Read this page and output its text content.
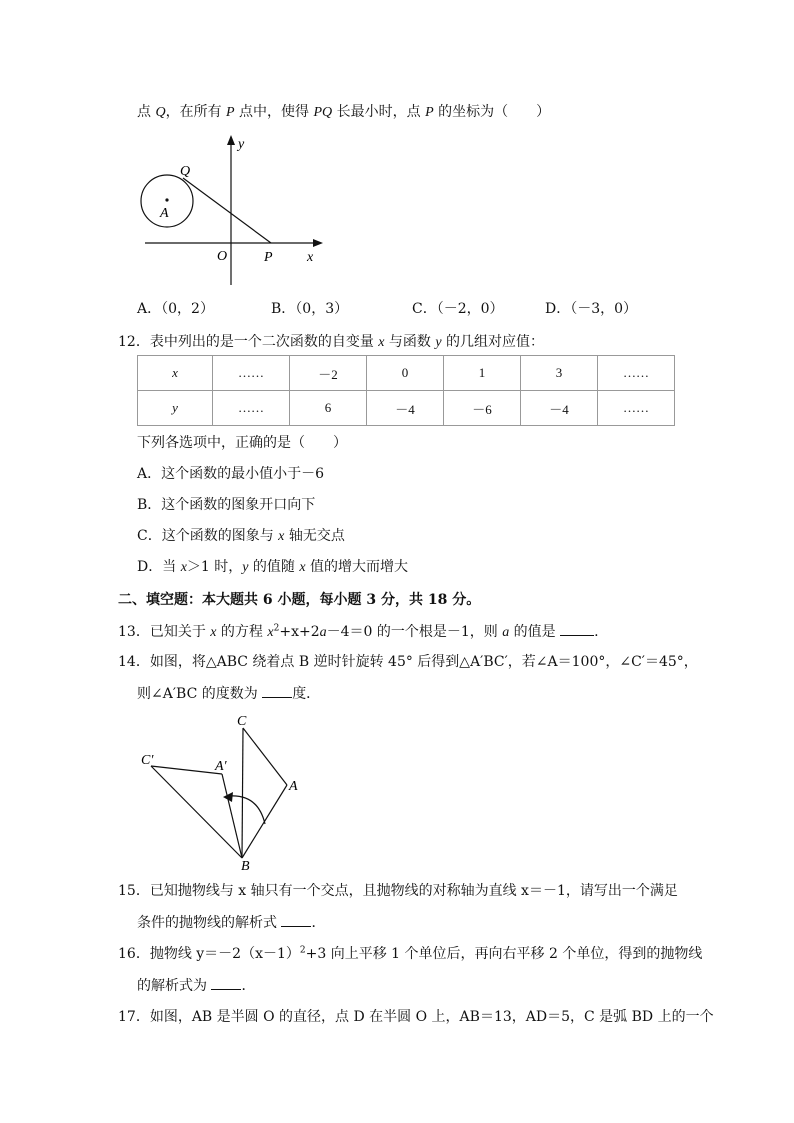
点 Q，在所有 P 点中，使得 PQ 长最小时，点 P 的坐标为（　　）
y
Q
A
O	P x
A．（0，2）	B．（0，3）	C．（－2，0）	D．（－3，0）
12．表中列出的是一个二次函数的自变量 x 与函数 y 的几组对应值：
x	……	－2	0	1	3	……
y	……	6	－4	－6	－4	……
下列各选项中，正确的是（　　）
A．这个函数的最小值小于－6
B．这个函数的图象开口向下
C．这个函数的图象与 x 轴无交点
D．当 x＞1 时，y 的值随 x 值的增大而增大
二、填空题：本大题共 6 小题，每小题 3 分，共 18 分。
13．已知关于 x 的方程 $x^2+x+2a-4=0$ 的一个根是－1，则 a 的值是 .
14．如图，将△ABC 绕着点 B 逆时针旋转 45° 后得到△A′BC′，若∠A＝100°，∠C′＝45°，
则∠A′BC 的度数为 度．
C
C′	A′
A
B
15．已知抛物线与 x 轴只有一个交点，且抛物线的对称轴为直线 x＝－1，请写出一个满足
条件的抛物线的解析式 ．
16．抛物线 $y=-2(x-1)^2+3$ 向上平移 1 个单位后，再向右平移 2 个单位，得到的抛物线
的解析式为 ．
17．如图，AB 是半圆 O 的直径，点 D 在半圆 O 上，AB＝13，AD＝5，C 是弧 BD 上的一个
